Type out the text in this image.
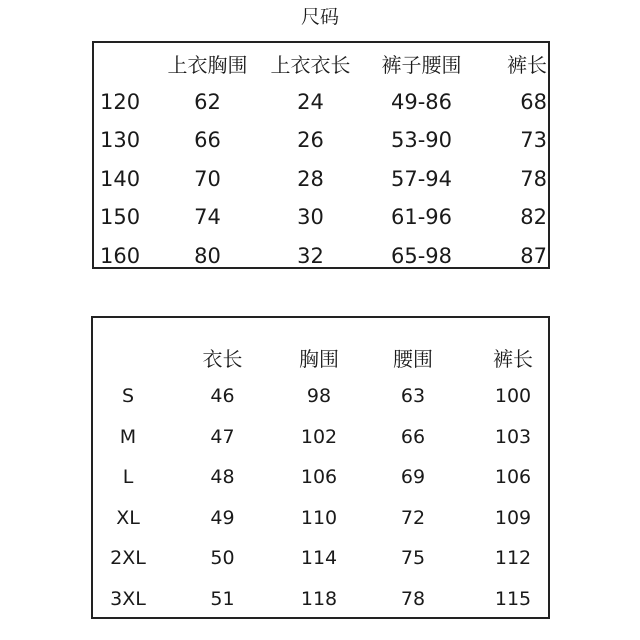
尺码
	上衣胸围	上衣衣长	裤子腰围	裤长
120	62	24	49-86	68
130	66	26	53-90	73
140	70	28	57-94	78
150	74	30	61-96	82
160	80	32	65-98	87
	衣长	胸围	腰围	裤长
S	46	98	63	100
M	47	102	66	103
L	48	106	69	106
XL	49	110	72	109
2XL	50	114	75	112
3XL	51	118	78	115
